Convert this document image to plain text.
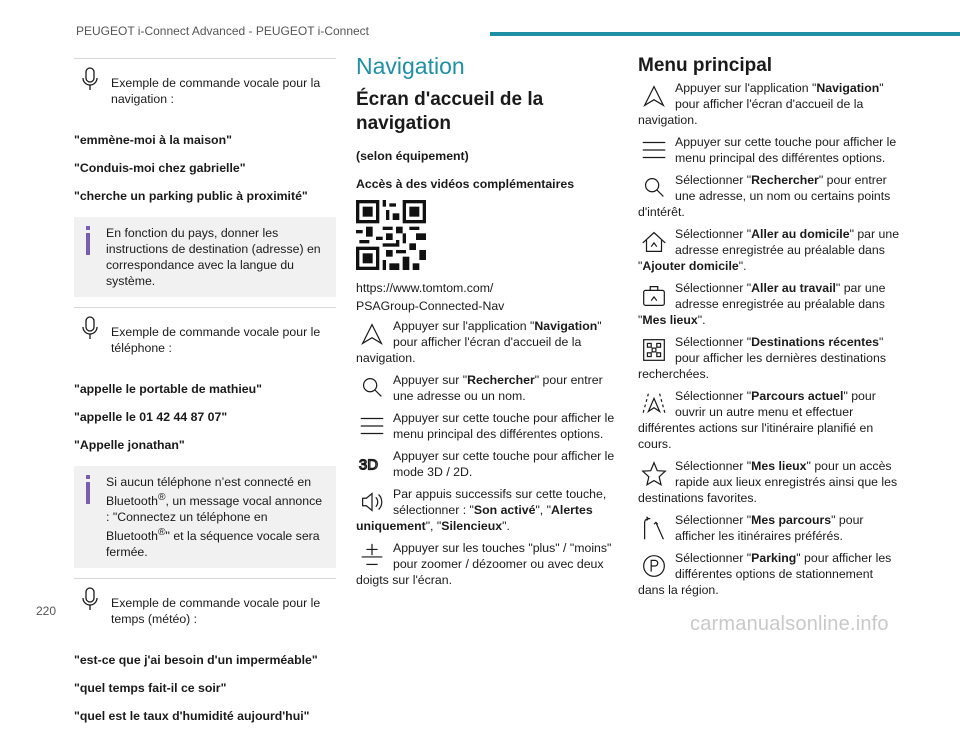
PEUGEOT i-Connect Advanced - PEUGEOT i-Connect

Exemple de commande vocale pour la navigation :

"emmène-moi à la maison"

"Conduis-moi chez gabrielle"

"cherche un parking public à proximité"

En fonction du pays, donner les instructions de destination (adresse) en correspondance avec la langue du système.

Exemple de commande vocale pour le téléphone :

"appelle le portable de mathieu"

"appelle le 01 42 44 87 07"

"Appelle jonathan"

Si aucun téléphone n’est connecté en Bluetooth®, un message vocal annonce : "Connectez un téléphone en Bluetooth®" et la séquence vocale sera fermée.

Exemple de commande vocale pour le temps (météo) :

"est-ce que j'ai besoin d'un imperméable"

"quel temps fait-il ce soir"

"quel est le taux d'humidité aujourd'hui"

Navigation
Écran d'accueil de la navigation

(selon équipement)

Accès à des vidéos complémentaires

https://www.tomtom.com/

PSAGroup-Connected-Nav

Appuyer sur l'application "Navigation" pour afficher l'écran d'accueil de la navigation.

Appuyer sur "Rechercher" pour entrer une adresse ou un nom.

Appuyer sur cette touche pour afficher le menu principal des différentes options.

3D

Appuyer sur cette touche pour afficher le mode 3D / 2D.

Par appuis successifs sur cette touche, sélectionner : "Son activé", "Alertes uniquement", "Silencieux".

Appuyer sur les touches "plus" / "moins" pour zoomer / dézoomer ou avec deux doigts sur l'écran.

Menu principal

Appuyer sur l'application "Navigation" pour afficher l'écran d'accueil de la navigation.

Appuyer sur cette touche pour afficher le menu principal des différentes options.

Sélectionner "Rechercher" pour entrer une adresse, un nom ou certains points d'intérêt.

Sélectionner "Aller au domicile" par une adresse enregistrée au préalable dans "Ajouter domicile".

Sélectionner "Aller au travail" par une adresse enregistrée au préalable dans "Mes lieux".

Sélectionner "Destinations récentes" pour afficher les dernières destinations recherchées.

Sélectionner "Parcours actuel" pour ouvrir un autre menu et effectuer différentes actions sur l'itinéraire planifié en cours.

Sélectionner "Mes lieux" pour un accès rapide aux lieux enregistrés ainsi que les destinations favorites.

Sélectionner "Mes parcours" pour afficher les itinéraires préférés.

Sélectionner "Parking" pour afficher les différentes options de stationnement dans la région.

220
carmanualsonline.info
